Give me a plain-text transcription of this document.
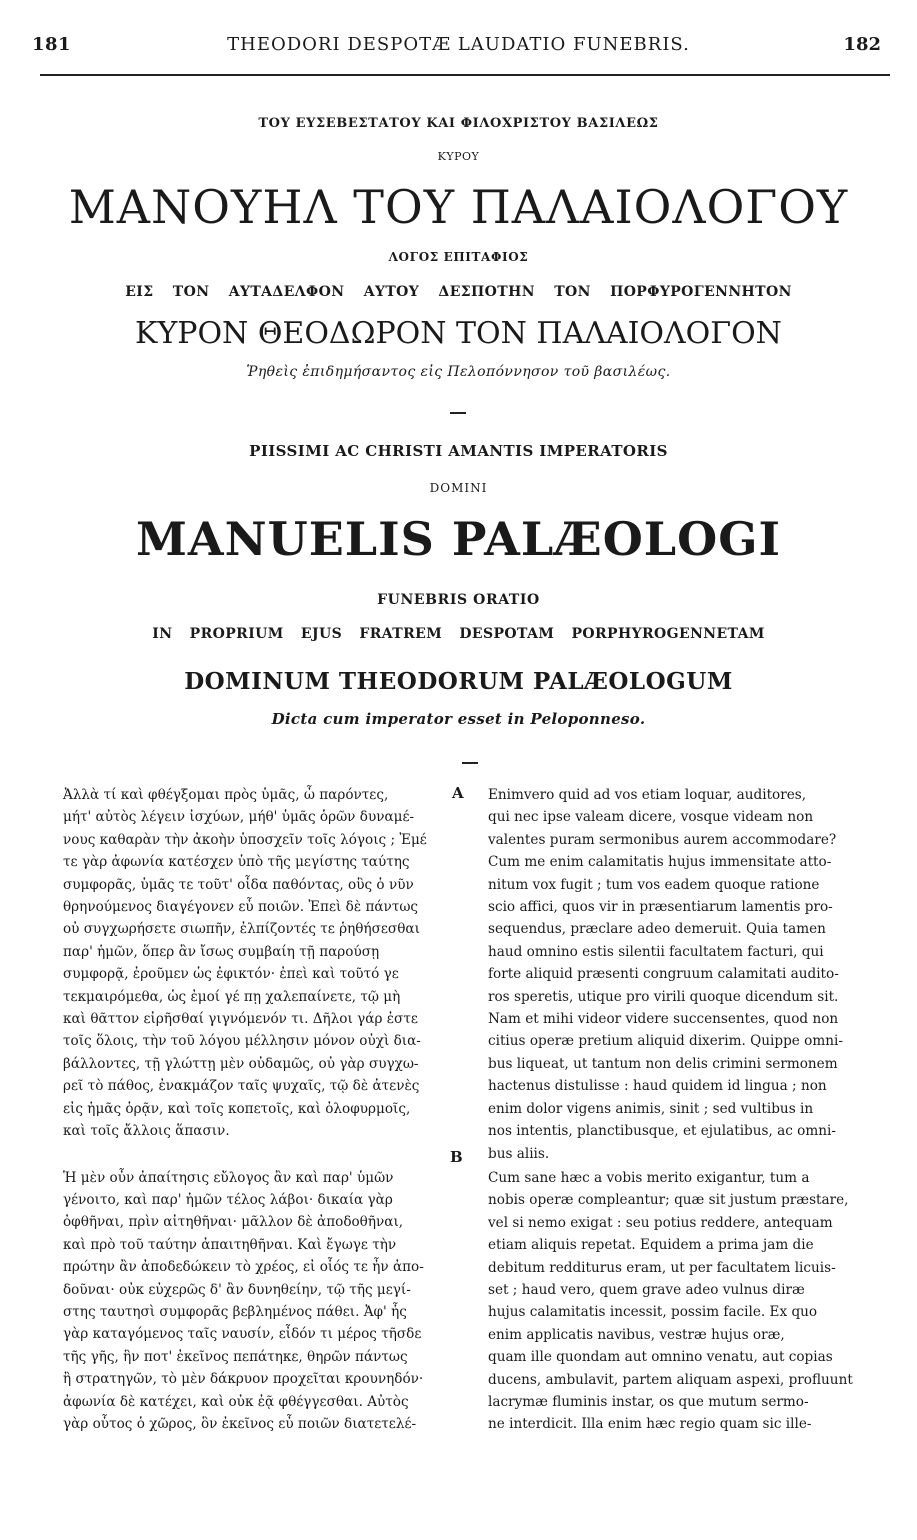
181	THEODORI DESPOTÆ LAUDATIO FUNEBRIS.	182
ΤΟΥ ΕΥΣΕΒΕΣΤΑΤΟΥ ΚΑΙ ΦΙΛΟΧΡΙΣΤΟΥ ΒΑΣΙΛΕΩΣ
ΚΥΡΟΥ
ΜΑΝΟΥΗΛ ΤΟΥ ΠΑΛΑΙΟΛΟΓΟΥ
ΛΟΓΟΣ ΕΠΙΤΑΦΙΟΣ
ΕΙΣ ΤΟΝ ΑΥΤΑΔΕΛΦΟΝ ΑΥΤΟΥ ΔΕΣΠΟΤΗΝ ΤΟΝ ΠΟΡΦΥΡΟΓΕΝΝΗΤΟΝ
ΚΥΡΟΝ ΘΕΟΔΩΡΟΝ ΤΟΝ ΠΑΛΑΙΟΛΟΓΟΝ
Ῥηθεὶς ἐπιδημήσαντος εἰς Πελοπόννησον τοῦ βασιλέως.
PIISSIMI AC CHRISTI AMANTIS IMPERATORIS
DOMINI
MANUELIS PALÆOLOGI
FUNEBRIS ORATIO
IN PROPRIUM EJUS FRATREM DESPOTAM PORPHYROGENNETAM
DOMINUM THEODORUM PALÆOLOGUM
Dicta cum imperator esset in Peloponneso.
Ἀλλὰ τί καὶ φθέγξομαι πρὸς ὑμᾶς, ὦ παρόντες,
μήτ' αὐτὸς λέγειν ἰσχύων, μήθ' ὑμᾶς ὁρῶν δυναμέ-
νους καθαρὰν τὴν ἀκοὴν ὑποσχεῖν τοῖς λόγοις ; Ἐμέ
τε γὰρ ἀφωνία κατέσχεν ὑπὸ τῆς μεγίστης ταύτης
συμφορᾶς, ὑμᾶς τε τοῦτ' οἶδα παθόντας, οὓς ὁ νῦν
θρηνούμενος διαγέγονεν εὖ ποιῶν. Ἐπεὶ δὲ πάντως
οὐ συγχωρήσετε σιωπῆν, ἐλπίζοντές τε ῥηθήσεσθαι
παρ' ἡμῶν, ὅπερ ἂν ἴσως συμβαίη τῇ παρούσῃ
συμφορᾷ, ἐροῦμεν ὡς ἐφικτόν· ἐπεὶ καὶ τοῦτό γε
τεκμαιρόμεθα, ὡς ἐμοί γέ πῃ χαλεπαίνετε, τῷ μὴ
καὶ θᾶττον εἰρῆσθαί γιγνόμενόν τι. Δῆλοι γάρ ἐστε
τοῖς ὅλοις, τὴν τοῦ λόγου μέλλησιν μόνον οὐχὶ δια-
βάλλοντες, τῇ γλώττῃ μὲν οὐδαμῶς, οὐ γὰρ συγχω-
ρεῖ τὸ πάθος, ἐνακμάζον ταῖς ψυχαῖς, τῷ δὲ ἀτενὲς
εἰς ἡμᾶς ὁρᾷν, καὶ τοῖς κοπετοῖς, καὶ ὀλοφυρμοῖς,
καὶ τοῖς ἄλλοις ἅπασιν.
Ἡ μὲν οὖν ἀπαίτησις εὔλογος ἂν καὶ παρ' ὑμῶν
γένοιτο, καὶ παρ' ἡμῶν τέλος λάβοι· δικαία γὰρ
ὀφθῆναι, πρὶν αἰτηθῆναι· μᾶλλον δὲ ἀποδοθῆναι,
καὶ πρὸ τοῦ ταύτην ἀπαιτηθῆναι. Καὶ ἔγωγε τὴν
πρώτην ἂν ἀποδεδώκειν τὸ χρέος, εἰ οἷός τε ἦν ἀπο-
δοῦναι· οὐκ εὐχερῶς δ' ἂν δυνηθείην, τῷ τῆς μεγί-
στης ταυτησὶ συμφορᾶς βεβλημένος πάθει. Ἀφ' ἧς
γὰρ καταγόμενος ταῖς ναυσίν, εἶδόν τι μέρος τῆσδε
τῆς γῆς, ἣν ποτ' ἐκεῖνος πεπάτηκε, θηρῶν πάντως
ἢ στρατηγῶν, τὸ μὲν δάκρυον προχεῖται κρουνηδόν·
ἀφωνία δὲ κατέχει, καὶ οὐκ ἐᾷ φθέγγεσθαι. Αὐτὸς
γὰρ οὗτος ὁ χῶρος, ὃν ἐκεῖνος εὖ ποιῶν διατετελέ-
A
B
Enimvero quid ad vos etiam loquar, auditores,
qui nec ipse valeam dicere, vosque videam non
valentes puram sermonibus aurem accommodare?
Cum me enim calamitatis hujus immensitate atto-
nitum vox fugit ; tum vos eadem quoque ratione
scio affici, quos vir in præsentiarum lamentis pro-
sequendus, præclare adeo demeruit. Quia tamen
haud omnino estis silentii facultatem facturi, qui
forte aliquid præsenti congruum calamitati audito-
ros speretis, utique pro virili quoque dicendum sit.
Nam et mihi videor videre succensentes, quod non
citius operæ pretium aliquid dixerim. Quippe omni-
bus liqueat, ut tantum non delis crimini sermonem
hactenus distulisse : haud quidem id lingua ; non
enim dolor vigens animis, sinit ; sed vultibus in
nos intentis, planctibusque, et ejulatibus, ac omni-
bus aliis.
Cum sane hæc a vobis merito exigantur, tum a
nobis operæ compleantur; quæ sit justum præstare,
vel si nemo exigat : seu potius reddere, antequam
etiam aliquis repetat. Equidem a prima jam die
debitum redditurus eram, ut per facultatem licuis-
set ; haud vero, quem grave adeo vulnus diræ
hujus calamitatis incessit, possim facile. Ex quo
enim applicatis navibus, vestræ hujus oræ,
quam ille quondam aut omnino venatu, aut copias
ducens, ambulavit, partem aliquam aspexi, profluunt
lacrymæ fluminis instar, os que mutum sermo-
ne interdicit. Illa enim hæc regio quam sic ille-
